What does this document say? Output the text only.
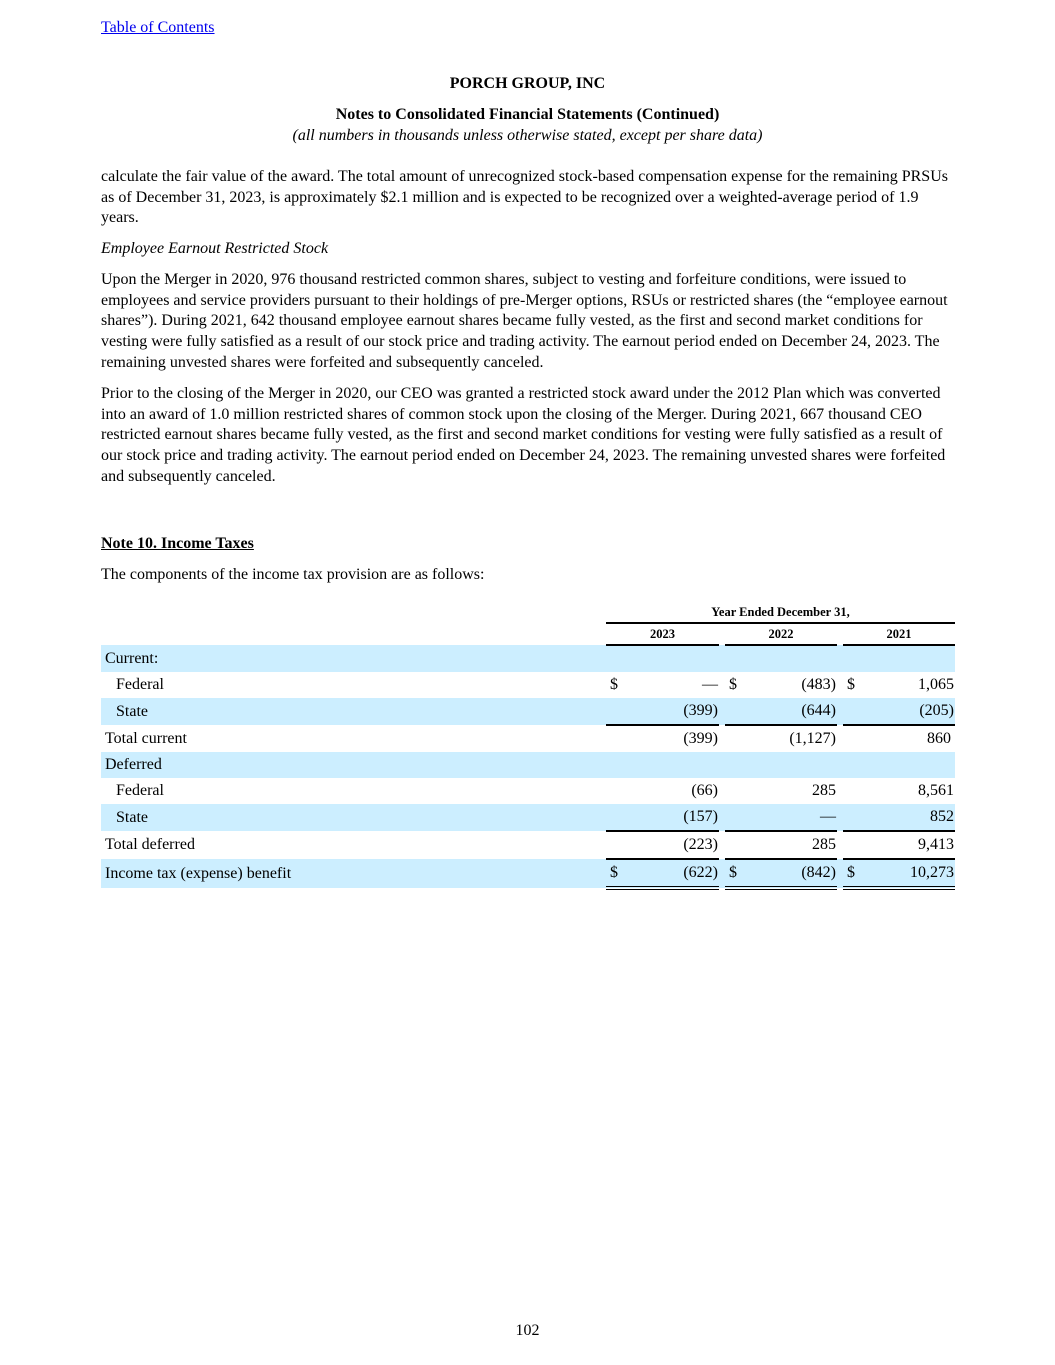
Table of Contents
PORCH GROUP, INC
Notes to Consolidated Financial Statements (Continued)
(all numbers in thousands unless otherwise stated, except per share data)
calculate the fair value of the award. The total amount of unrecognized stock-based compensation expense for the remaining PRSUs as of December 31, 2023, is approximately $2.1 million and is expected to be recognized over a weighted-average period of 1.9 years.
Employee Earnout Restricted Stock
Upon the Merger in 2020, 976 thousand restricted common shares, subject to vesting and forfeiture conditions, were issued to employees and service providers pursuant to their holdings of pre-Merger options, RSUs or restricted shares (the “employee earnout shares”). During 2021, 642 thousand employee earnout shares became fully vested, as the first and second market conditions for vesting were fully satisfied as a result of our stock price and trading activity. The earnout period ended on December 24, 2023. The remaining unvested shares were forfeited and subsequently canceled.
Prior to the closing of the Merger in 2020, our CEO was granted a restricted stock award under the 2012 Plan which was converted into an award of 1.0 million restricted shares of common stock upon the closing of the Merger. During 2021, 667 thousand CEO restricted earnout shares became fully vested, as the first and second market conditions for vesting were fully satisfied as a result of our stock price and trading activity. The earnout period ended on December 24, 2023. The remaining unvested shares were forfeited and subsequently canceled.
Note 10. Income Taxes
The components of the income tax provision are as follows:
	Year Ended December 31,							
	2023			2022			2021	
Current:								
Federal	$	—		$	(483)		$	1,065
State		(399)			(644)			(205)
Total current		(399)			(1,127)			860
Deferred								
Federal		(66)			285			8,561
State		(157)			—			852
Total deferred		(223)			285			9,413
Income tax (expense) benefit	$	(622)		$	(842)		$	10,273
102
